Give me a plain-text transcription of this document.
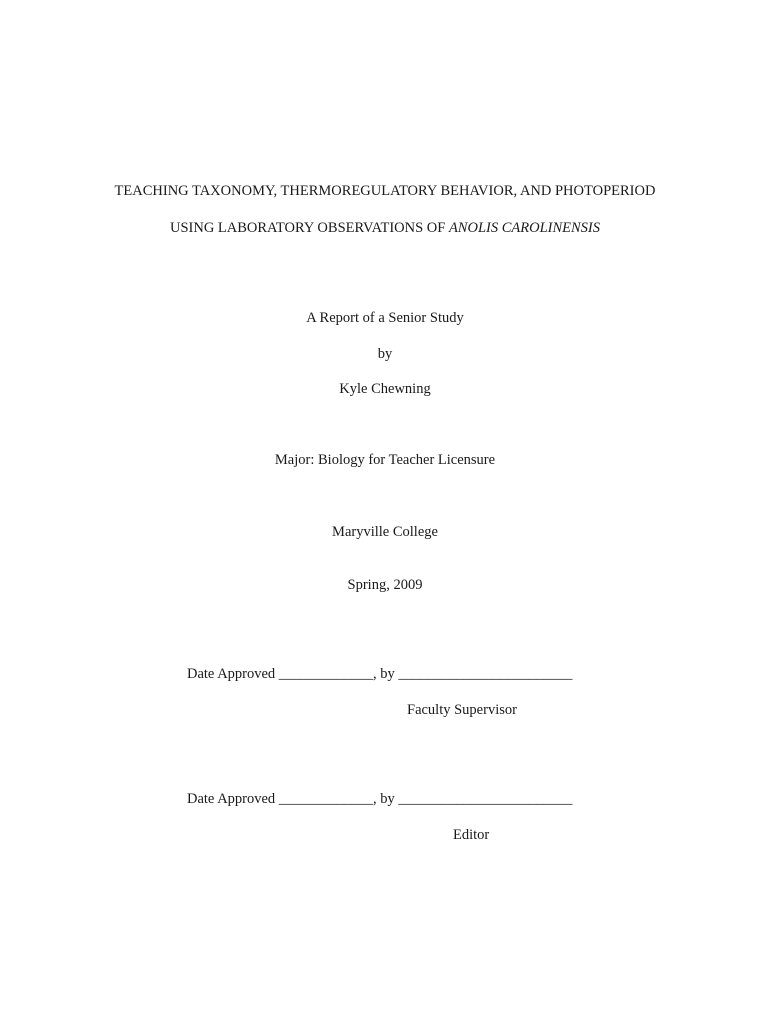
TEACHING TAXONOMY, THERMOREGULATORY BEHAVIOR, AND PHOTOPERIOD
USING LABORATORY OBSERVATIONS OF ANOLIS CAROLINENSIS
A Report of a Senior Study
by
Kyle Chewning
Major: Biology for Teacher Licensure
Maryville College
Spring, 2009
Date Approved _____________, by ________________________
Faculty Supervisor
Date Approved _____________, by ________________________
Editor
